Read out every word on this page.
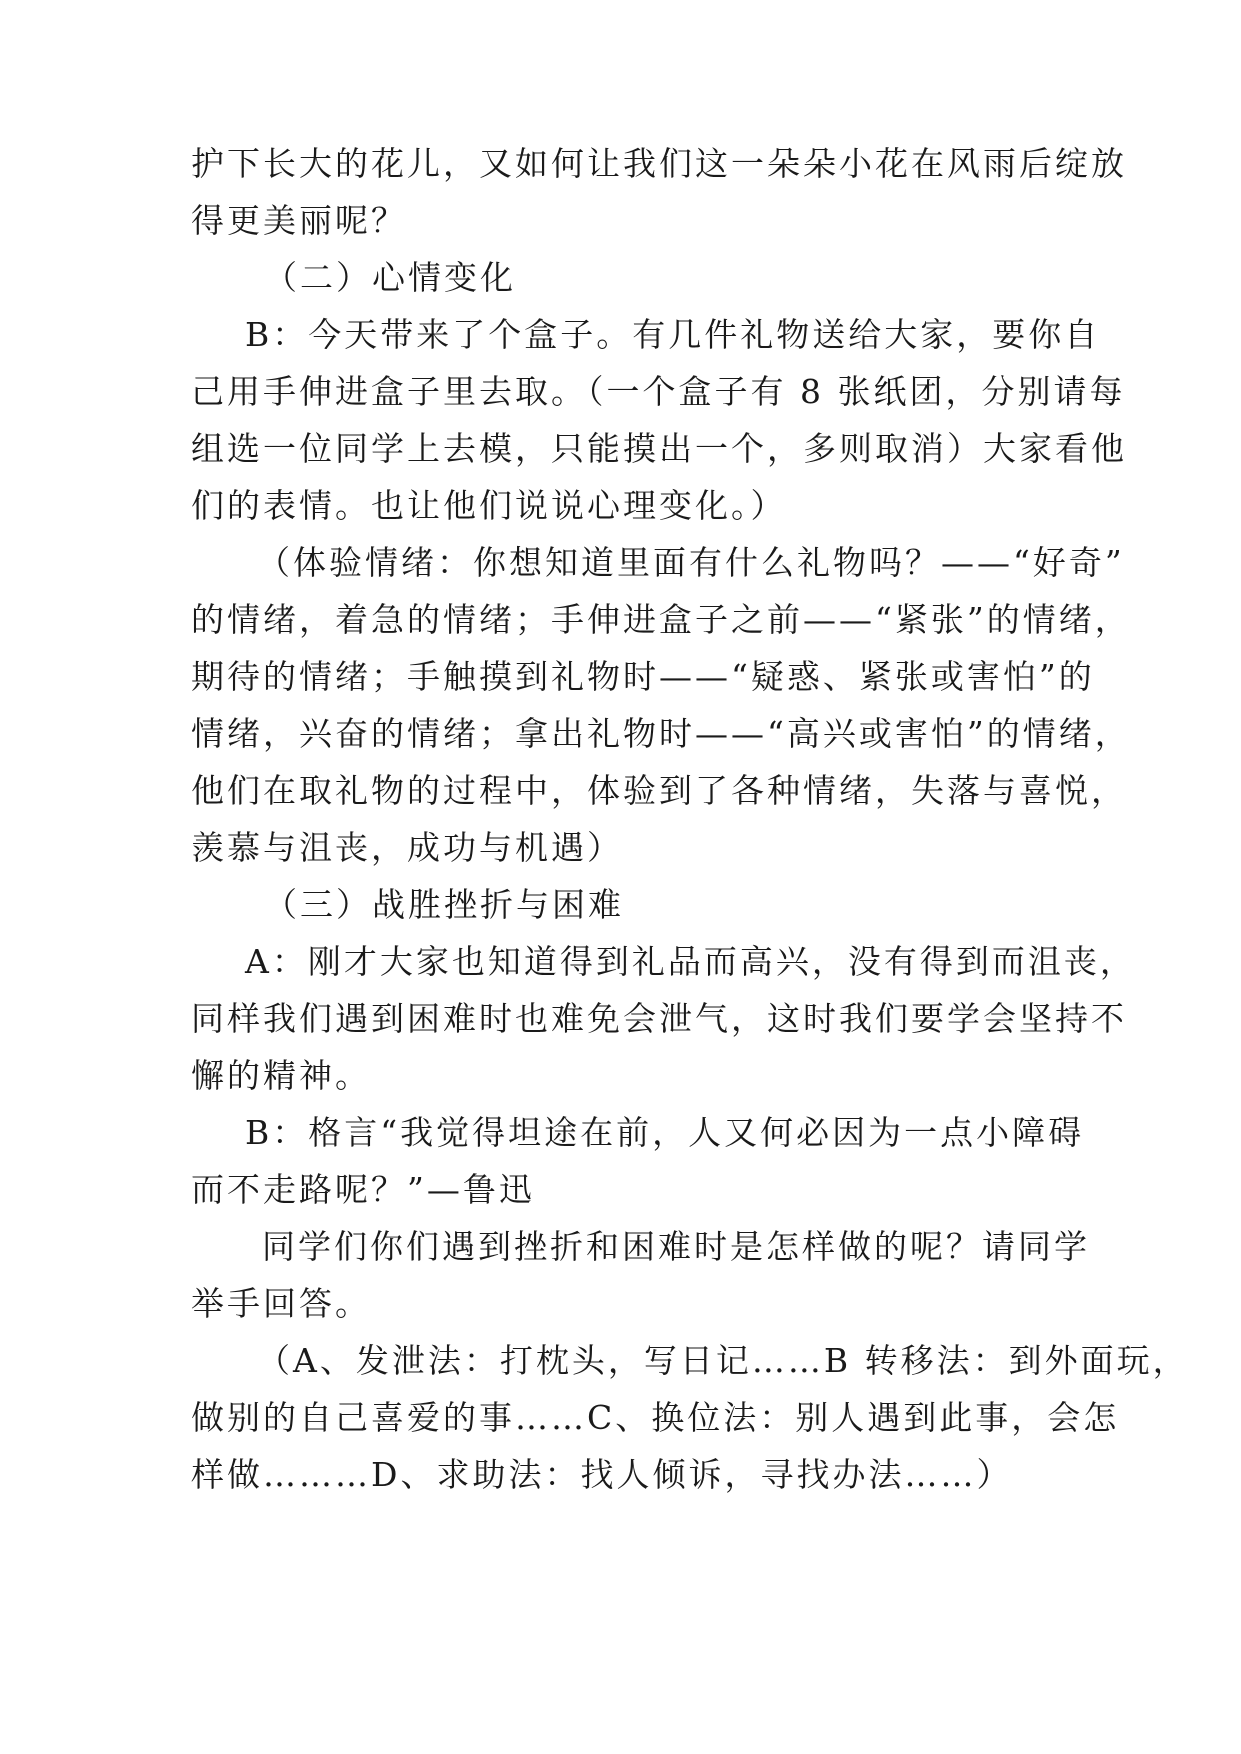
护下长大的花儿，又如何让我们这一朵朵小花在风雨后绽放
得更美丽呢？
（二）心情变化
B：今天带来了个盒子。有几件礼物送给大家，要你自
己用手伸进盒子里去取。（一个盒子有 8 张纸团，分别请每
组选一位同学上去模，只能摸出一个，多则取消）大家看他
们的表情。也让他们说说心理变化。）
（体验情绪：你想知道里面有什么礼物吗？——“好奇”
的情绪，着急的情绪；手伸进盒子之前——“紧张”的情绪，
期待的情绪；手触摸到礼物时——“疑惑、紧张或害怕”的
情绪，兴奋的情绪；拿出礼物时——“高兴或害怕”的情绪，
他们在取礼物的过程中，体验到了各种情绪，失落与喜悦，
羡慕与沮丧，成功与机遇）
（三）战胜挫折与困难
A：刚才大家也知道得到礼品而高兴，没有得到而沮丧，
同样我们遇到困难时也难免会泄气，这时我们要学会坚持不
懈的精神。
B：格言“我觉得坦途在前，人又何必因为一点小障碍
而不走路呢？”—鲁迅
同学们你们遇到挫折和困难时是怎样做的呢？请同学
举手回答。
（A、发泄法：打枕头，写日记……B 转移法：到外面玩，
做别的自己喜爱的事……C、换位法：别人遇到此事，会怎
样做………D、求助法：找人倾诉，寻找办法……）
